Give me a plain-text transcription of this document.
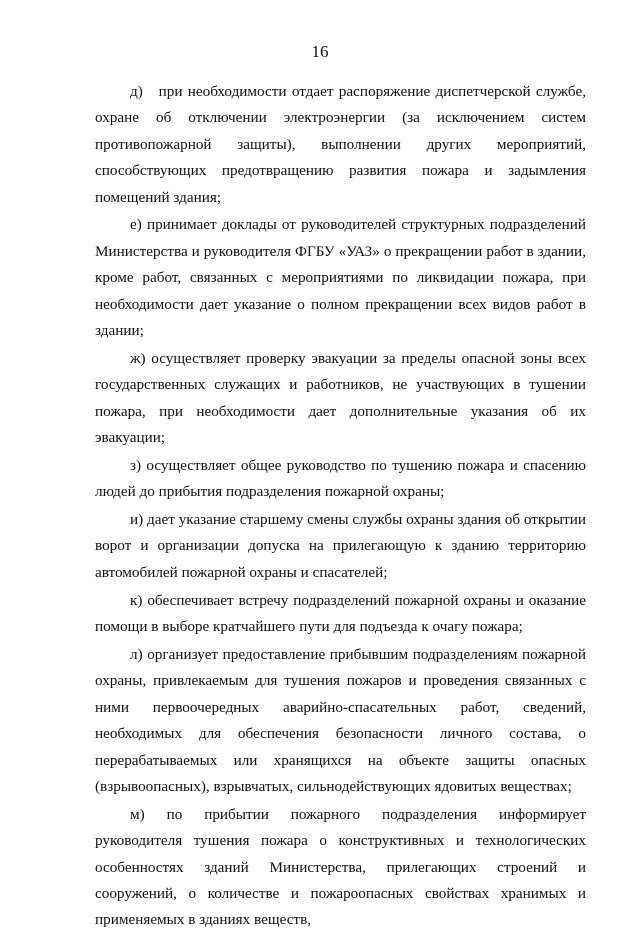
16

д)   при необходимости отдает распоряжение диспетчерской службе, охране об отключении электроэнергии (за исключением систем противопожарной защиты), выполнении других мероприятий, способствующих предотвращению развития пожара и задымления помещений здания;

е) принимает доклады от руководителей структурных подразделений Министерства и руководителя ФГБУ «УАЗ» о прекращении работ в здании, кроме работ, связанных с мероприятиями по ликвидации пожара, при необходимости дает указание о полном прекращении всех видов работ в здании;

ж) осуществляет проверку эвакуации за пределы опасной зоны всех государственных служащих и работников, не участвующих в тушении пожара, при необходимости дает дополнительные указания об их эвакуации;

з) осуществляет общее руководство по тушению пожара и спасению людей до прибытия подразделения пожарной охраны;

и) дает указание старшему смены службы охраны здания об открытии ворот и организации допуска на прилегающую к зданию территорию автомобилей пожарной охраны и спасателей;

к) обеспечивает встречу подразделений пожарной охраны и оказание помощи в выборе кратчайшего пути для подъезда к очагу пожара;

л) организует предоставление прибывшим подразделениям пожарной охраны, привлекаемым для тушения пожаров и проведения связанных с ними первоочередных аварийно-спасательных работ, сведений, необходимых для обеспечения безопасности личного состава, о перерабатываемых или хранящихся на объекте защиты опасных (взрывоопасных), взрывчатых, сильнодействующих ядовитых веществах;

м) по прибытии пожарного подразделения информирует руководителя тушения пожара о конструктивных и технологических особенностях зданий Министерства, прилегающих строений и сооружений, о количестве и пожароопасных свойствах хранимых и применяемых в зданиях веществ,
